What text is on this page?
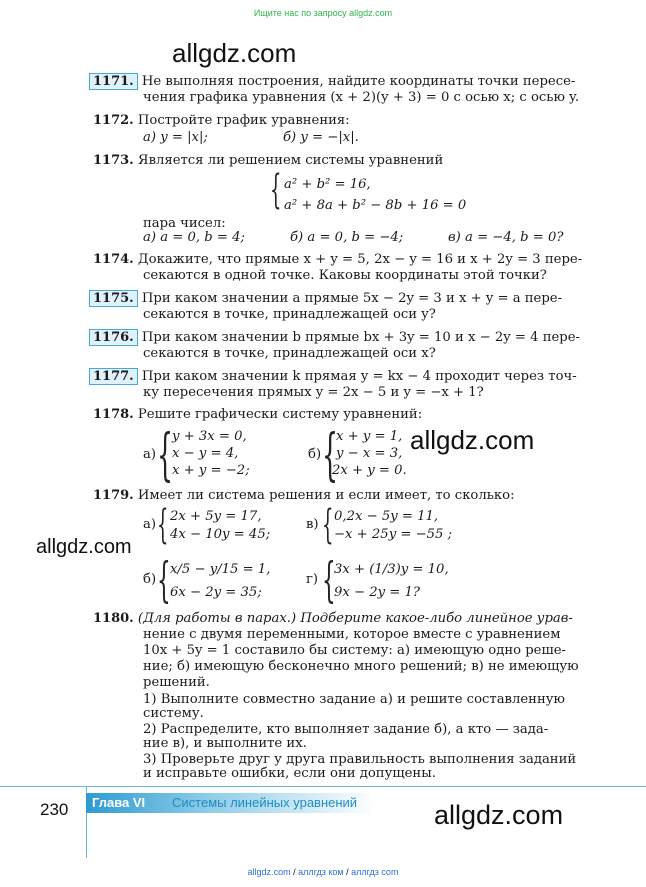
Ищите нас по запросу allgdz.com
allgdz.com
1171. Не выполняя построения, найдите координаты точки пересе-
чения графика уравнения (x + 2)(y + 3) = 0 с осью x; с осью y.
1172. Постройте график уравнения:
а) y = |x|;	б) y = −|x|.
1173. Является ли решением системы уравнений
{ a² + b² = 16,
a² + 8a + b² − 8b + 16 = 0
пара чисел:
а) a = 0, b = 4;	б) a = 0, b = −4;	в) a = −4, b = 0?
1174. Докажите, что прямые x + y = 5, 2x − y = 16 и x + 2y = 3 пере-
секаются в одной точке. Каковы координаты этой точки?
1175. При каком значении a прямые 5x − 2y = 3 и x + y = a пере-
секаются в точке, принадлежащей оси y?
1176. При каком значении b прямые bx + 3y = 10 и x − 2y = 4 пере-
секаются в точке, принадлежащей оси x?
1177. При каком значении k прямая y = kx − 4 проходит через точ-
ку пересечения прямых y = 2x − 5 и y = −x + 1?
1178. Решите графически систему уравнений:
а) {
y + 3x = 0,
x − y = 4,
x + y = −2;
б) {
x + y = 1,
y − x = 3,
2x + y = 0.
allgdz.com
1179. Имеет ли система решения и если имеет, то сколько:
а) { 2x + 5y = 17,
4x − 10y = 45;
в) { 0,2x − 5y = 11,
−x + 25y = −55 ;
allgdz.com
б) { x/5 − y/15 = 1,
6x − 2y = 35;
г) {
3x + (1/3)y = 10,
9x − 2y = 1?
1180. (Для работы в парах.) Подберите какое-либо линейное урав-
нение с двумя переменными, которое вместе с уравнением
10x + 5y = 1 составило бы систему: а) имеющую одно реше-
ние; б) имеющую бесконечно много решений; в) не имеющую
решений.
1) Выполните совместно задание а) и решите составленную
систему.
2) Распределите, кто выполняет задание б), а кто — зада-
ние в), и выполните их.
3) Проверьте друг у друга правильность выполнения заданий
и исправьте ошибки, если они допущены.
Глава VI Системы линейных уравнений
230	allgdz.com
allgdz.com / аллгдз ком / аллгдз com
